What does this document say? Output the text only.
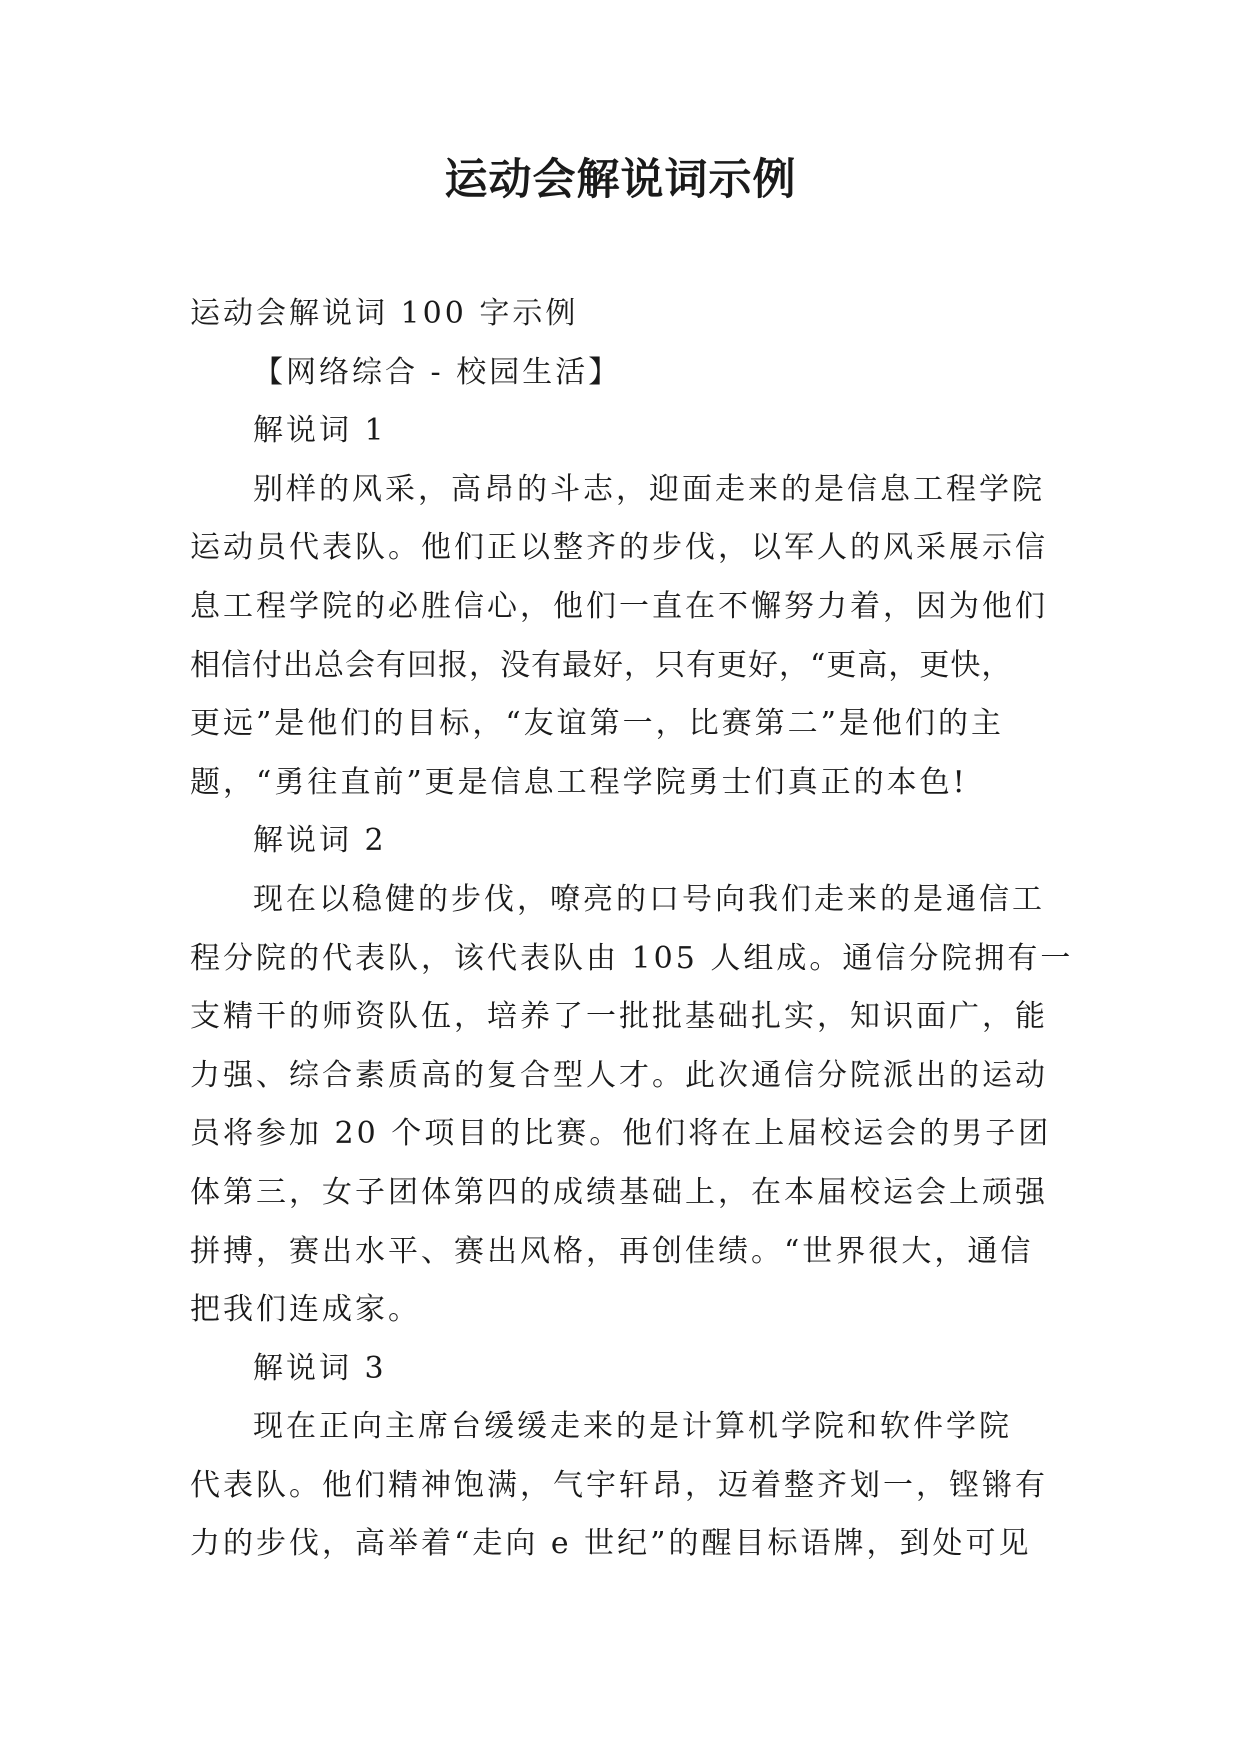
运动会解说词示例
运动会解说词 100 字示例
【网络综合 - 校园生活】
解说词 1
别样的风采，高昂的斗志，迎面走来的是信息工程学院
运动员代表队。他们正以整齐的步伐，以军人的风采展示信
息工程学院的必胜信心，他们一直在不懈努力着，因为他们
相信付出总会有回报，没有最好，只有更好，“更高，更快，
更远”是他们的目标，“友谊第一，比赛第二”是他们的主
题，“勇往直前”更是信息工程学院勇士们真正的本色!
解说词 2
现在以稳健的步伐，嘹亮的口号向我们走来的是通信工
程分院的代表队，该代表队由 105 人组成。通信分院拥有一
支精干的师资队伍，培养了一批批基础扎实，知识面广，能
力强、综合素质高的复合型人才。此次通信分院派出的运动
员将参加 20 个项目的比赛。他们将在上届校运会的男子团
体第三，女子团体第四的成绩基础上，在本届校运会上顽强
拼搏，赛出水平、赛出风格，再创佳绩。“世界很大，通信
把我们连成家。
解说词 3
现在正向主席台缓缓走来的是计算机学院和软件学院
代表队。他们精神饱满，气宇轩昂，迈着整齐划一，铿锵有
力的步伐，高举着“走向 e 世纪”的醒目标语牌，到处可见
